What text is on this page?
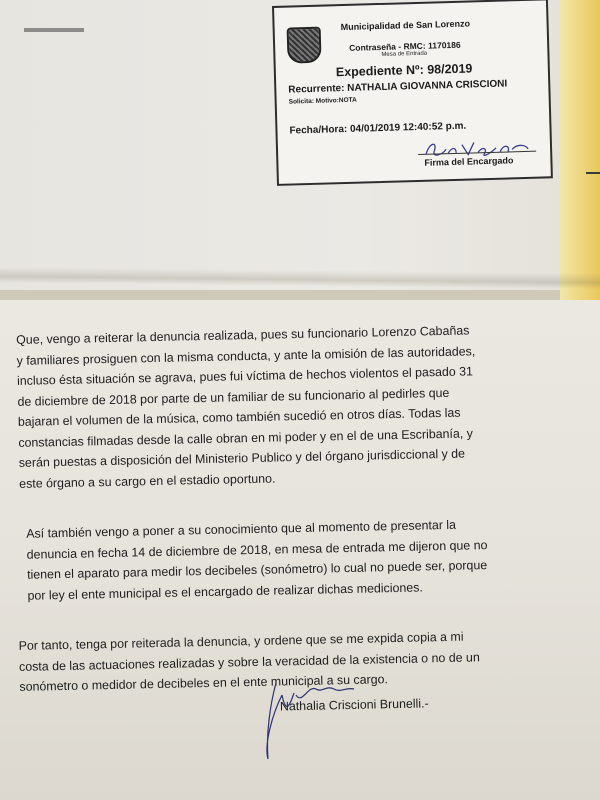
Municipalidad de San Lorenzo
Contraseña - RMC: 1170186
Mesa de Entrada
Expediente Nº: 98/2019
Recurrente: NATHALIA GIOVANNA CRISCIONI
Solicita: Motivo:NOTA
Fecha/Hora: 04/01/2019 12:40:52 p.m.
Firma del Encargado
Que, vengo a reiterar la denuncia realizada, pues su funcionario Lorenzo Cabañas
y familiares prosiguen con la misma conducta, y ante la omisión de las autoridades,
incluso ésta situación se agrava, pues fui víctima de hechos violentos el pasado 31
de diciembre de 2018 por parte de un familiar de su funcionario al pedirles que
bajaran el volumen de la música, como también sucedió en otros días. Todas las
constancias filmadas desde la calle obran en mi poder y en el de una Escribanía, y
serán puestas a disposición del Ministerio Publico y del órgano jurisdiccional y de
este órgano a su cargo en el estadio oportuno.
Así también vengo a poner a su conocimiento que al momento de presentar la
denuncia en fecha 14 de diciembre de 2018, en mesa de entrada me dijeron que no
tienen el aparato para medir los decibeles (sonómetro) lo cual no puede ser, porque
por ley el ente municipal es el encargado de realizar dichas mediciones.
Por tanto, tenga por reiterada la denuncia, y ordene que se me expida copia a mi
costa de las actuaciones realizadas y sobre la veracidad de la existencia o no de un
sonómetro o medidor de decibeles en el ente municipal a su cargo.
Nathalia Criscioni Brunelli.-
